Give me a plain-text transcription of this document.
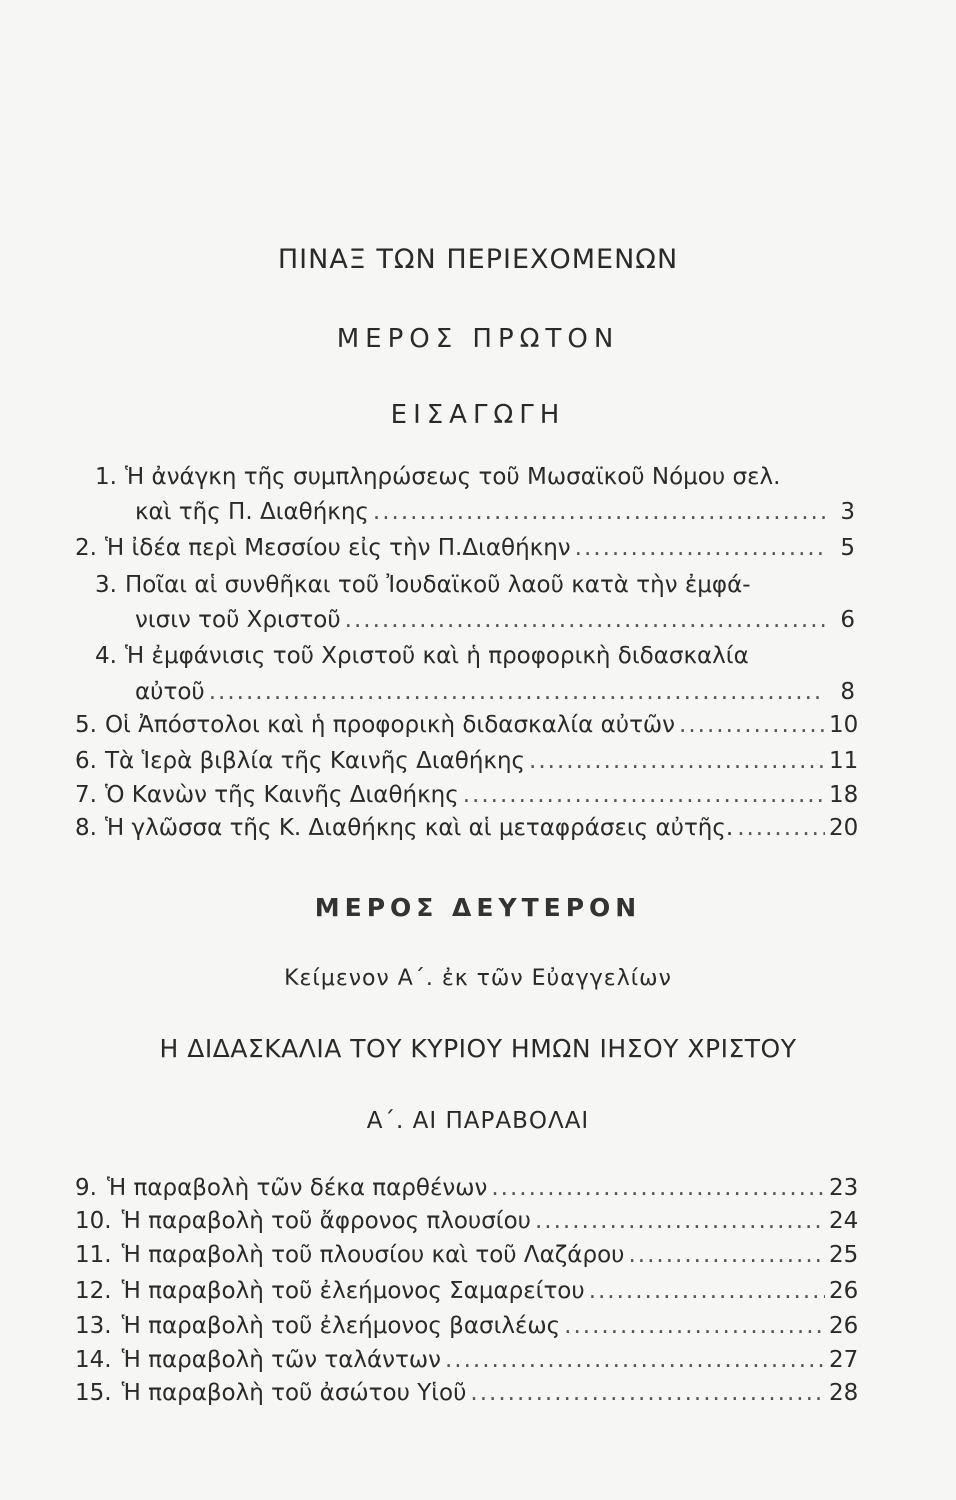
ΠΙΝΑΞ ΤΩΝ ΠΕΡΙΕΧΟΜΕΝΩΝ
ΜΕΡΟΣ ΠΡΩΤΟΝ
ΕΙΣΑΓΩΓΗ
1. Ἡ ἀνάγκη τῆς συμπληρώσεως τοῦ Μωσαϊκοῦ Νόμου σελ.
καὶ τῆς Π. Διαθήκης .....	3
2. Ἡ ἰδέα περὶ Μεσσίου εἰς τὴν Π.Διαθήκην .....	5
3. Ποῖαι αἱ συνθῆκαι τοῦ Ἰουδαϊκοῦ λαοῦ κατὰ τὴν ἐμφά-
νισιν τοῦ Χριστοῦ .....	6
4. Ἡ ἐμφάνισις τοῦ Χριστοῦ καὶ ἡ προφορικὴ διδασκαλία
αὐτοῦ .....	8
5. Οἱ Ἀπόστολοι καὶ ἡ προφορικὴ διδασκαλία αὐτῶν .....	10
6. Τὰ Ἱερὰ βιβλία τῆς Καινῆς Διαθήκης .....	11
7. Ὁ Κανὼν τῆς Καινῆς Διαθήκης .....	18
8. Ἡ γλῶσσα τῆς Κ. Διαθήκης καὶ αἱ μεταφράσεις αὐτῆς. .....	20
ΜΕΡΟΣ ΔΕΥΤΕΡΟΝ
Κείμενον Α΄. ἐκ τῶν Εὐαγγελίων
Η ΔΙΔΑΣΚΑΛΙΑ ΤΟΥ ΚΥΡΙΟΥ ΗΜΩΝ ΙΗΣΟΥ ΧΡΙΣΤΟΥ
Α΄. ΑΙ ΠΑΡΑΒΟΛΑΙ
9. Ἡ παραβολὴ τῶν δέκα παρθένων .....	23
10. Ἡ παραβολὴ τοῦ ἄφρονος πλουσίου .....	24
11. Ἡ παραβολὴ τοῦ πλουσίου καὶ τοῦ Λαζάρου .....	25
12. Ἡ παραβολὴ τοῦ ἐλεήμονος Σαμαρείτου .....	26
13. Ἡ παραβολὴ τοῦ ἐλεήμονος βασιλέως .....	26
14. Ἡ παραβολὴ τῶν ταλάντων .....	27
15. Ἡ παραβολὴ τοῦ ἀσώτου Υἱοῦ .....	28
